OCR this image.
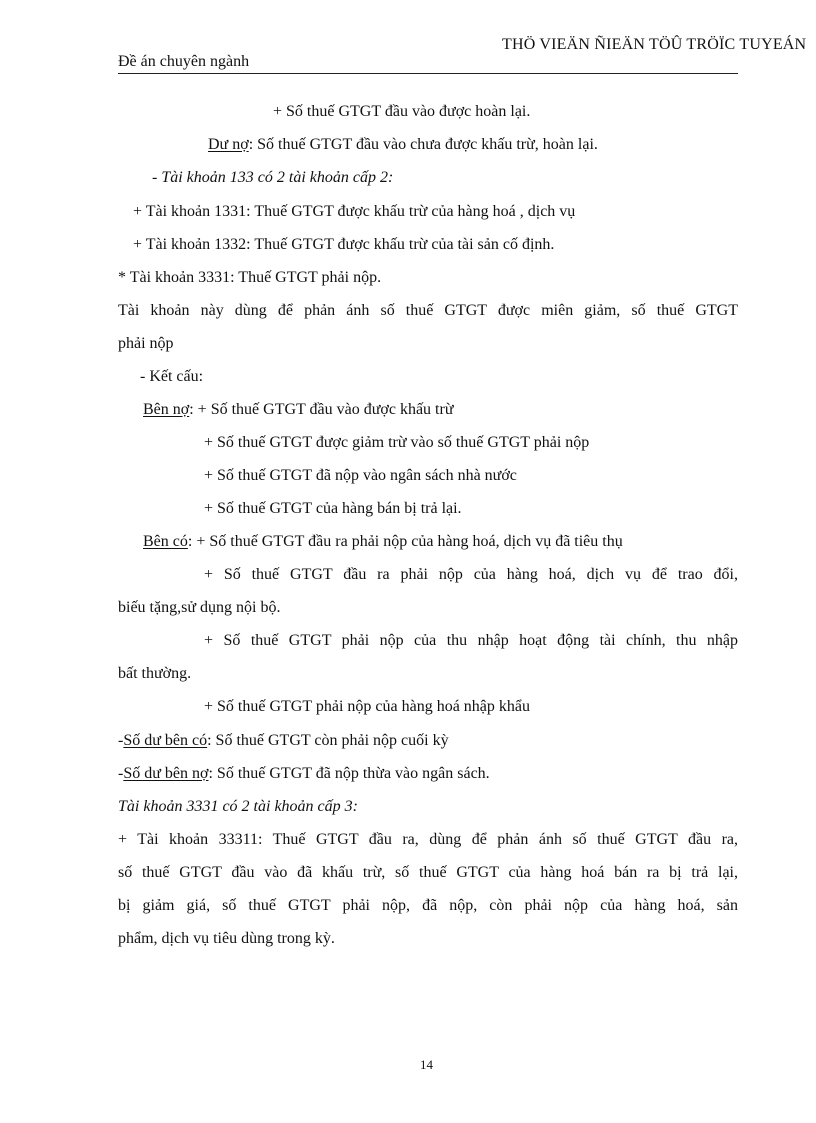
THÖ VIEÄN ÑIEÄN TÖÛ TRÖÏC TUYEÁN
Đề án chuyên ngành
+ Số thuế GTGT đầu vào được hoàn lại.
Dư nợ: Số thuế GTGT đầu vào chưa được khấu trừ, hoàn lại.
- Tài khoản 133 có 2 tài khoản cấp 2:
+ Tài khoản 1331: Thuế GTGT được khấu trừ của hàng hoá , dịch vụ
+ Tài khoản 1332: Thuế GTGT được khấu trừ của tài sản cố định.
* Tài khoản 3331: Thuế GTGT phải nộp.
Tài khoản này dùng để phản ánh số thuế GTGT được miên giảm, số thuế GTGT
phải nộp
- Kết cấu:
Bên nợ: + Số thuế GTGT đầu vào được khấu trừ
+ Số thuế GTGT được giảm trừ vào số thuế GTGT phải nộp
+ Số thuế GTGT đã nộp vào ngân sách nhà nước
+ Số thuế GTGT của hàng bán bị trả lại.
Bên có: + Số thuế GTGT đầu ra phải nộp của hàng hoá, dịch vụ đã tiêu thụ
+ Số thuế GTGT đầu ra phải nộp của hàng hoá, dịch vụ để trao đổi,
biếu tặng,sử dụng nội bộ.
+ Số thuế GTGT phải nộp của thu nhập hoạt động tài chính, thu nhập
bất thường.
+ Số thuế GTGT phải nộp của hàng hoá nhập khẩu
-Số dư bên có: Số thuế GTGT còn phải nộp cuối kỳ
-Số dư bên nợ: Số thuế GTGT đã nộp thừa vào ngân sách.
Tài khoản 3331 có 2 tài khoản cấp 3:
+ Tài khoản 33311: Thuế GTGT đầu ra, dùng để phản ánh số thuế GTGT đầu ra,
số thuế GTGT đầu vào đã khấu trừ, số thuế GTGT của hàng hoá bán ra bị trả lại,
bị giảm giá, số thuế GTGT phải nộp, đã nộp, còn phải nộp của hàng hoá, sản
phẩm, dịch vụ tiêu dùng trong kỳ.
14
